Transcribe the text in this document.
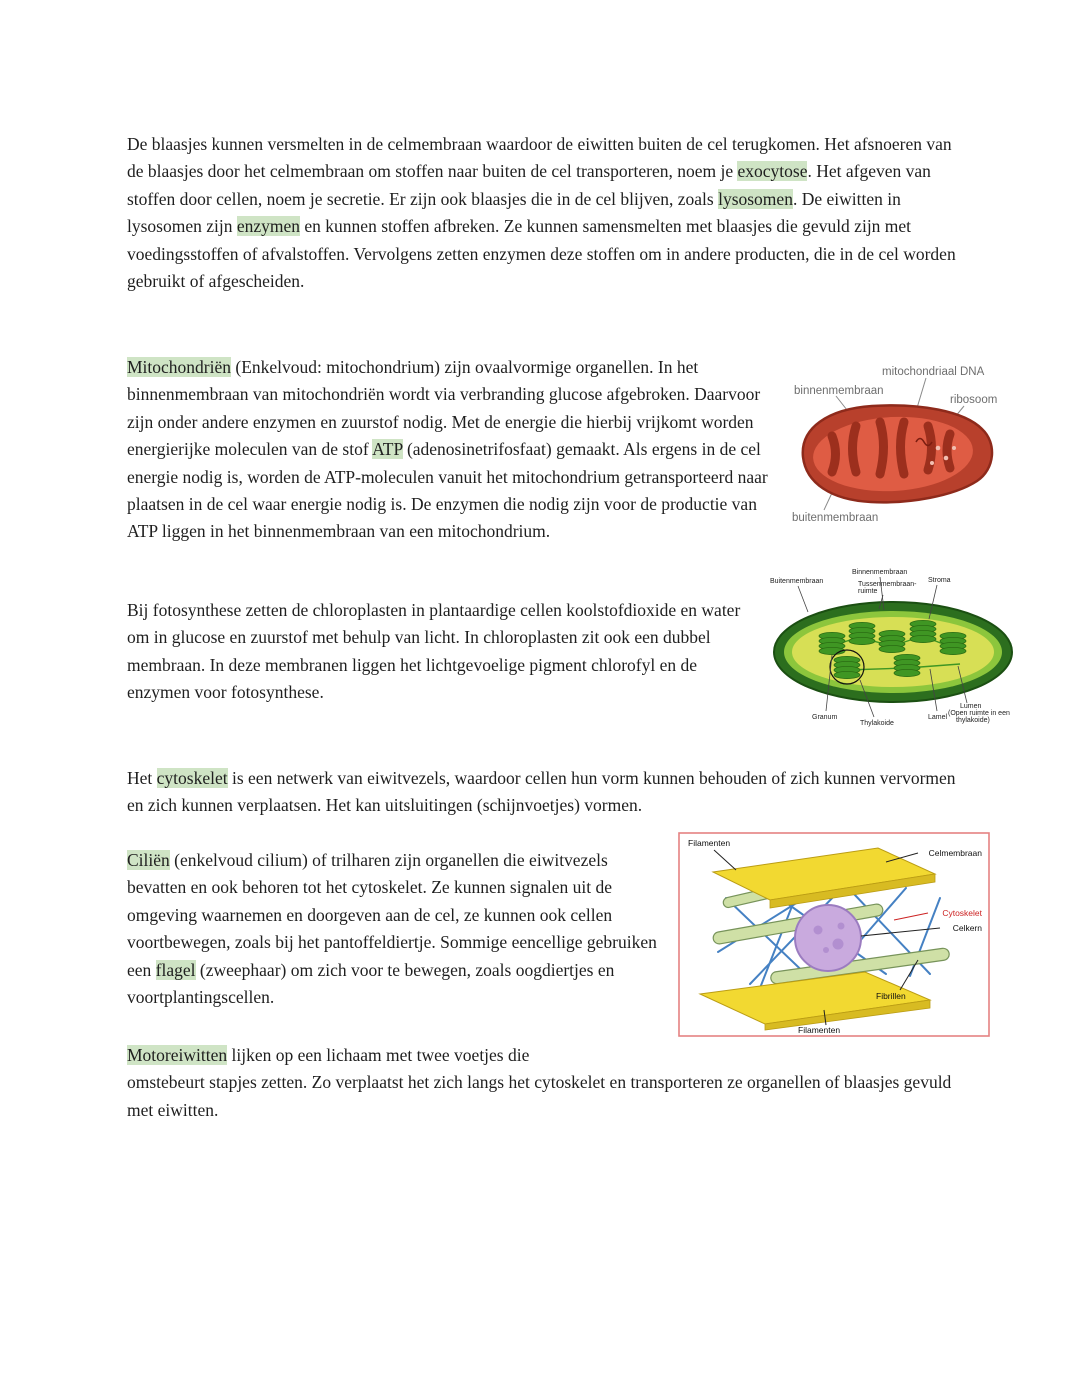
De blaasjes kunnen versmelten in de celmembraan waardoor de eiwitten buiten de cel terugkomen. Het afsnoeren van de blaasjes door het celmembraan om stoffen naar buiten de cel transporteren, noem je exocytose. Het afgeven van stoffen door cellen, noem je secretie. Er zijn ook blaasjes die in de cel blijven, zoals lysosomen. De eiwitten in lysosomen zijn enzymen en kunnen stoffen afbreken. Ze kunnen samensmelten met blaasjes die gevuld zijn met voedingsstoffen of afvalstoffen. Vervolgens zetten enzymen deze stoffen om in andere producten, die in de cel worden gebruikt of afgescheiden.
Mitochondriën (Enkelvoud: mitochondrium) zijn ovaalvormige organellen. In het binnenmembraan van mitochondriën wordt via verbranding glucose afgebroken. Daarvoor zijn onder andere enzymen en zuurstof nodig. Met de energie die hierbij vrijkomt worden energierijke moleculen van de stof ATP (adenosinetrifosfaat) gemaakt. Als ergens in de cel energie nodig is, worden de ATP-moleculen vanuit het mitochondrium getransporteerd naar plaatsen in de cel waar energie nodig is. De enzymen die nodig zijn voor de productie van ATP liggen in het binnenmembraan van een mitochondrium.
Bij fotosynthese zetten de chloroplasten in plantaardige cellen koolstofdioxide en water om in glucose en zuurstof met behulp van licht. In chloroplasten zit ook een dubbel membraan. In deze membranen liggen het lichtgevoelige pigment chlorofyl en de enzymen voor fotosynthese.
Het cytoskelet is een netwerk van eiwitvezels, waardoor cellen hun vorm kunnen behouden of zich kunnen vervormen en zich kunnen verplaatsen. Het kan uitsluitingen (schijnvoetjes) vormen.
Ciliën (enkelvoud cilium) of trilharen zijn organellen die eiwitvezels bevatten en ook behoren tot het cytoskelet. Ze kunnen signalen uit de omgeving waarnemen en doorgeven aan de cel, ze kunnen ook cellen voortbewegen, zoals bij het pantoffeldiertje. Sommige eencellige gebruiken een flagel (zweephaar) om zich voor te bewegen, zoals oogdiertjes en voortplantingscellen.
Motoreiwitten lijken op een lichaam met twee voetjes die
omstebeurt stapjes zetten. Zo verplaatst het zich langs het cytoskelet en transporteren ze organellen of blaasjes gevuld met eiwitten.
mitochondriaal DNA
binnenmembraan
ribosoom
buitenmembraan
Buitenmembraan
Binnenmembraan
Tussenmembraan-
ruimte
Stroma
Granum
Thylakoide
Lamel
Lumen
(Open ruimte in een
thylakoide)
Filamenten
Celmembraan
Celkern
Fibrillen
Filamenten
Cytoskelet
